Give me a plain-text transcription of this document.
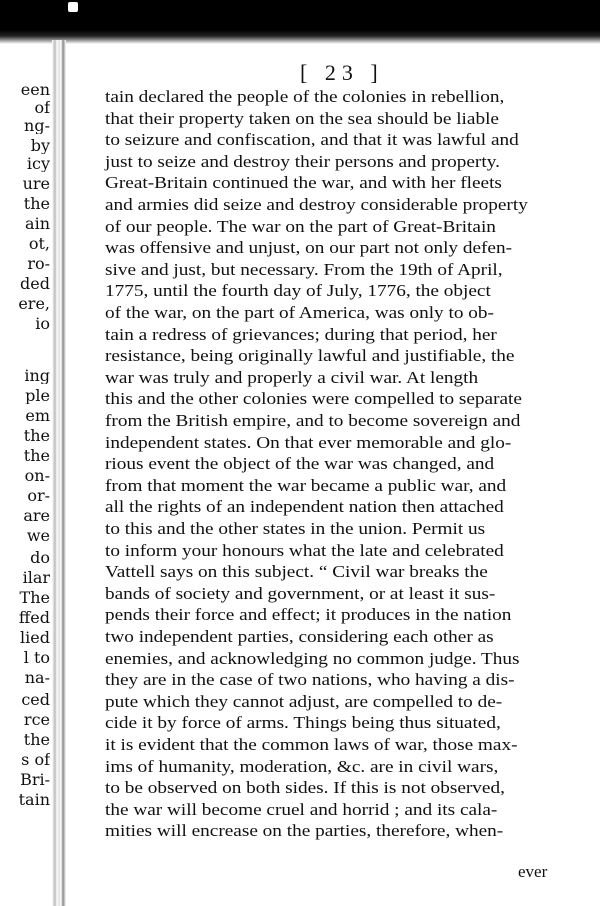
een
of
ng-
by
icy
ure
the
ain
ot,
ro-
ded
ere,
io
ing
ple
em
the
the
on-
or-
are
we
do
ilar
The
ffed
lied
l to
na-
ced
rce
the
s of
Bri-
tain
[ 23 ]
tain declared the people of the colonies in rebellion,
that their property taken on the sea should be liable
to seizure and confiscation, and that it was lawful and
just to seize and destroy their persons and property.
Great-Britain continued the war, and with her fleets
and armies did seize and destroy considerable property
of our people. The war on the part of Great-Britain
was offensive and unjust, on our part not only defen-
sive and just, but necessary. From the 19th of April,
1775, until the fourth day of July, 1776, the object
of the war, on the part of America, was only to ob-
tain a redress of grievances; during that period, her
resistance, being originally lawful and justifiable, the
war was truly and properly a civil war. At length
this and the other colonies were compelled to separate
from the British empire, and to become sovereign and
independent states. On that ever memorable and glo-
rious event the object of the war was changed, and
from that moment the war became a public war, and
all the rights of an independent nation then attached
to this and the other states in the union. Permit us
to inform your honours what the late and celebrated
Vattell says on this subject. “ Civil war breaks the
bands of society and government, or at least it sus-
pends their force and effect; it produces in the nation
two independent parties, considering each other as
enemies, and acknowledging no common judge. Thus
they are in the case of two nations, who having a dis-
pute which they cannot adjust, are compelled to de-
cide it by force of arms. Things being thus situated,
it is evident that the common laws of war, those max-
ims of humanity, moderation, &c. are in civil wars,
to be observed on both sides. If this is not observed,
the war will become cruel and horrid ; and its cala-
mities will encrease on the parties, therefore, when-
ever
